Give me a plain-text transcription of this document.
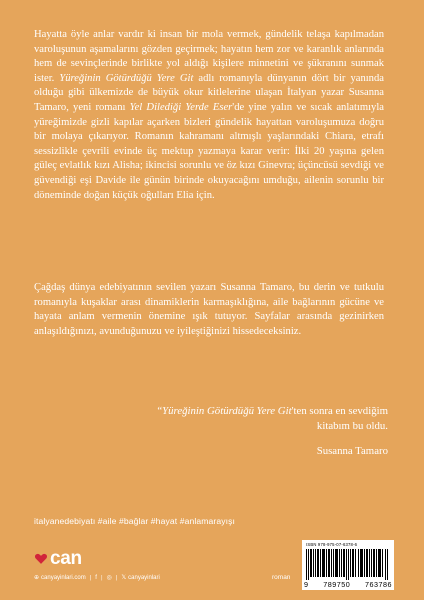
Hayatta öyle anlar vardır ki insan bir mola vermek, gündelik telaşa kapılmadan varoluşunun aşamalarını gözden geçirmek; hayatın hem zor ve karanlık anlarında hem de sevinçlerinde birlikte yol aldığı kişilere minnetini ve şükranını sunmak ister. Yüreğinin Götürdüğü Yere Git adlı romanıyla dünyanın dört bir yanında olduğu gibi ülkemizde de büyük okur kitlelerine ulaşan İtalyan yazar Susanna Tamaro, yeni romanı Yel Dilediği Yerde Eser'de yine yalın ve sıcak anlatımıyla yüreğimizde gizli kapılar açarken bizleri gündelik hayattan varoluşumuza doğru bir molaya çıkarıyor. Romanın kahramanı altmışlı yaşlarındaki Chiara, etrafı sessizlikle çevrili evinde üç mektup yazmaya karar verir: İlki 20 yaşına gelen güleç evlatlık kızı Alisha; ikincisi sorunlu ve öz kızı Ginevra; üçüncüsü sevdiği ve güvendiği eşi Davide ile günün birinde okuyacağını umduğu, ailenin sorunlu bir döneminde doğan küçük oğulları Elia için.

Çağdaş dünya edebiyatının sevilen yazarı Susanna Tamaro, bu derin ve tutkulu romanıyla kuşaklar arası dinamiklerin karmaşıklığına, aile bağlarının gücüne ve hayata anlam vermenin önemine ışık tutuyor. Sayfalar arasında gezinirken anlaşıldığınızı, avunduğunuzu ve iyileştiğinizi hissedeceksiniz.

“Yüreğinin Götürdüğü Yere Git'ten sonra en sevdiğim kitabım bu oldu.

Susanna Tamaro

italyanedebiyatı #aile #bağlar #hayat #anlamarayışı
can
⊕ canyayinlari.com | f | ◎ | 𝕏 canyayinlari	roman
ISBN 978-975-07-6378-6
9 789750 763786
